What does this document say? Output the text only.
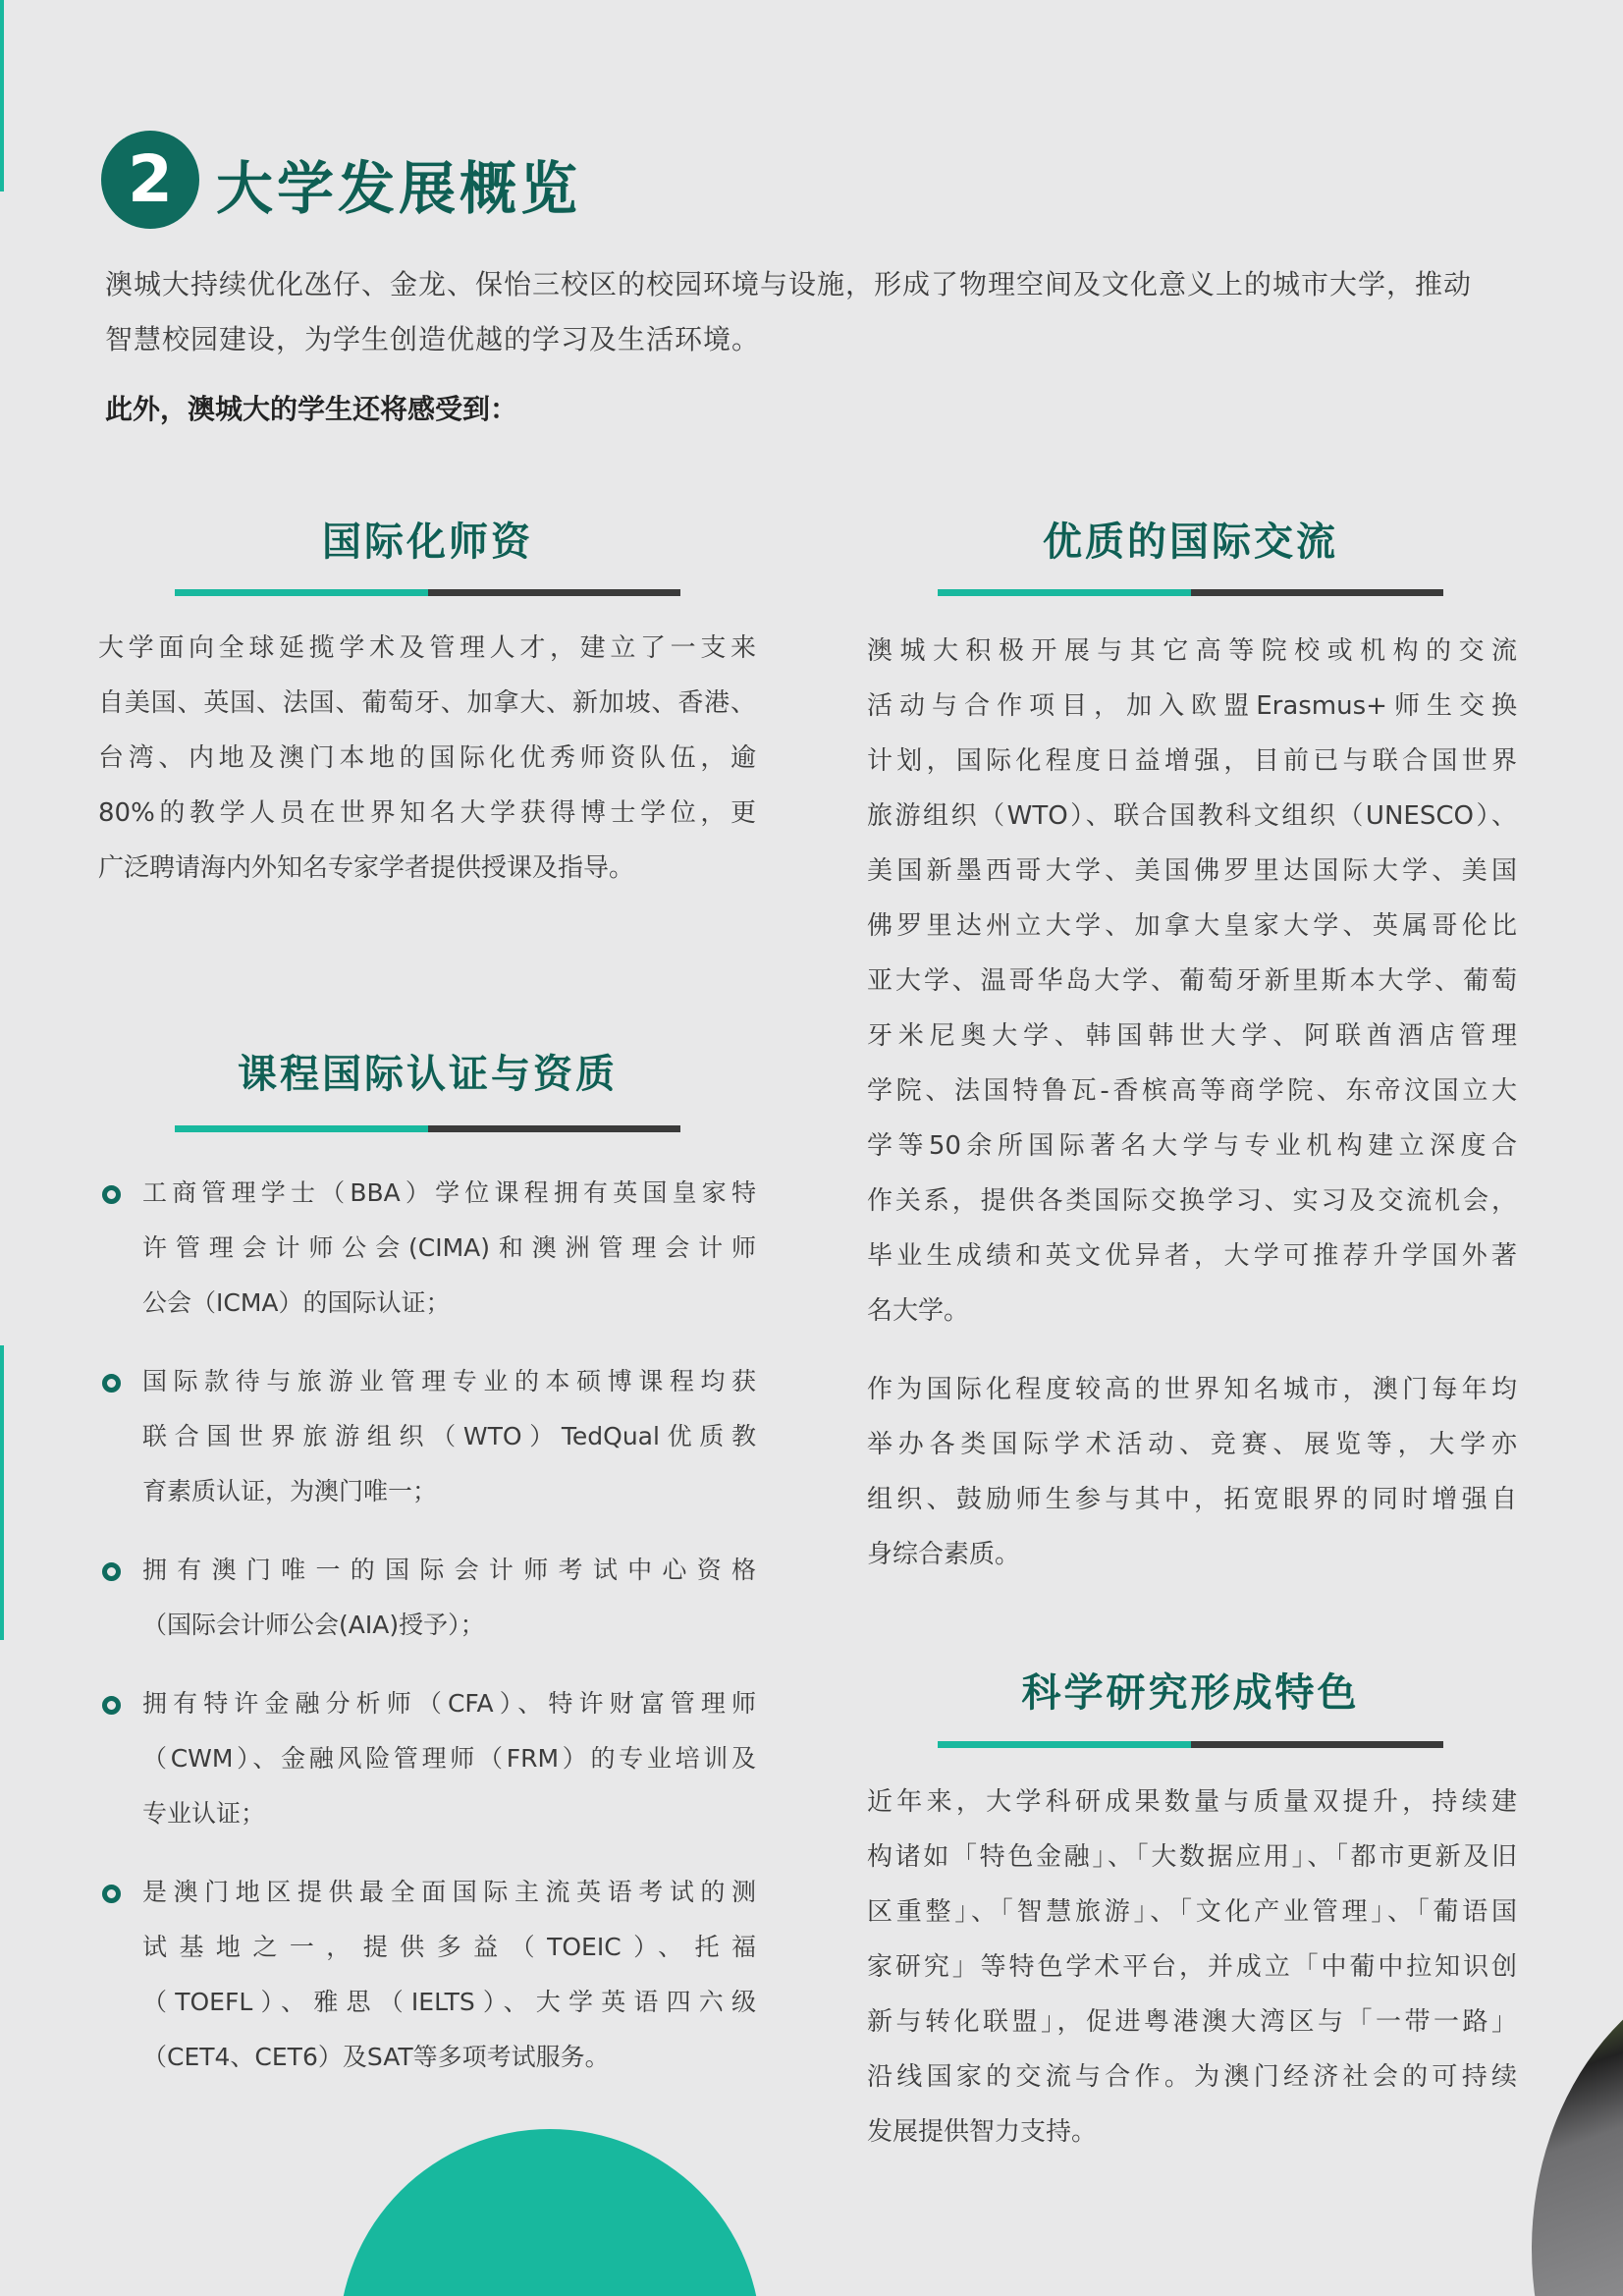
2 大学发展概览
澳城大持续优化氹仔、金龙、保怡三校区的校园环境与设施，形成了物理空间及文化意义上的城市大学，推动
智慧校园建设，为学生创造优越的学习及生活环境。
此外，澳城大的学生还将感受到：
国际化师资
大学面向全球延揽学术及管理人才，建立了一支来
自美国、英国、法国、葡萄牙、加拿大、新加坡、香港、
台湾、内地及澳门本地的国际化优秀师资队伍，逾
80%的教学人员在世界知名大学获得博士学位，更
广泛聘请海内外知名专家学者提供授课及指导。
课程国际认证与资质
工商管理学士（BBA）学位课程拥有英国皇家特
许管理会计师公会(CIMA)和澳洲管理会计师
公会（ICMA）的国际认证；
国际款待与旅游业管理专业的本硕博课程均获
联合国世界旅游组织（WTO）TedQual优质教
育素质认证，为澳门唯一；
拥有澳门唯一的国际会计师考试中心资格
（国际会计师公会(AIA)授予）；
拥有特许金融分析师（CFA）、特许财富管理师
（CWM）、金融风险管理师（FRM）的专业培训及
专业认证；
是澳门地区提供最全面国际主流英语考试的测
试基地之一，提供多益（TOEIC）、托福
（TOEFL）、雅思（IELTS）、大学英语四六级
（CET4、CET6）及SAT等多项考试服务。
优质的国际交流
澳城大积极开展与其它高等院校或机构的交流
活动与合作项目，加入欧盟Erasmus+师生交换
计划，国际化程度日益增强，目前已与联合国世界
旅游组织（WTO）、联合国教科文组织（UNESCO）、
美国新墨西哥大学、美国佛罗里达国际大学、美国
佛罗里达州立大学、加拿大皇家大学、英属哥伦比
亚大学、温哥华岛大学、葡萄牙新里斯本大学、葡萄
牙米尼奥大学、韩国韩世大学、阿联酋酒店管理
学院、法国特鲁瓦-香槟高等商学院、东帝汶国立大
学等50余所国际著名大学与专业机构建立深度合
作关系，提供各类国际交换学习、实习及交流机会，
毕业生成绩和英文优异者，大学可推荐升学国外著
名大学。
作为国际化程度较高的世界知名城市，澳门每年均
举办各类国际学术活动、竞赛、展览等，大学亦
组织、鼓励师生参与其中，拓宽眼界的同时增强自
身综合素质。
科学研究形成特色
近年来，大学科研成果数量与质量双提升，持续建
构诸如「特色金融」、「大数据应用」、「都市更新及旧
区重整」、「智慧旅游」、「文化产业管理」、「葡语国
家研究」等特色学术平台，并成立「中葡中拉知识创
新与转化联盟」，促进粤港澳大湾区与「一带一路」
沿线国家的交流与合作。为澳门经济社会的可持续
发展提供智力支持。
